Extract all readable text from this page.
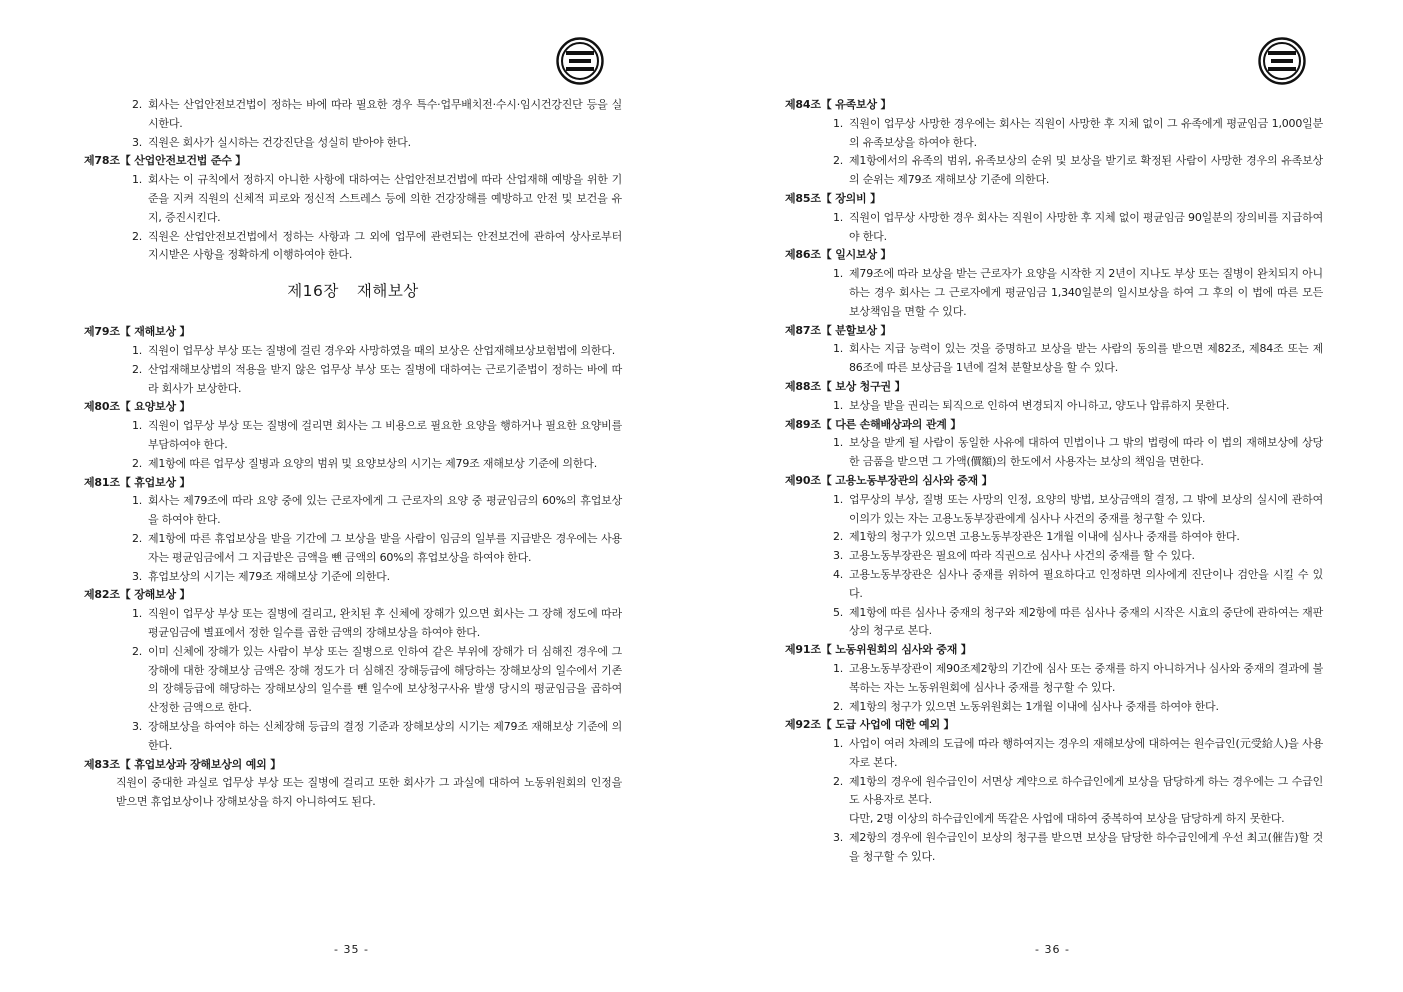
2. 회사는 산업안전보건법이 정하는 바에 따라 필요한 경우 특수·업무배치전·수시·임시건강진단 등을 실시한다.
3. 직원은 회사가 실시하는 건강진단을 성실히 받아야 한다.
제78조【 산업안전보건법 준수 】
1. 회사는 이 규칙에서 정하지 아니한 사항에 대하여는 산업안전보건법에 따라 산업재해 예방을 위한 기준을 지켜 직원의 신체적 피로와 정신적 스트레스 등에 의한 건강장해를 예방하고 안전 및 보건을 유지, 증진시킨다.
2. 직원은 산업안전보건법에서 정하는 사항과 그 외에 업무에 관련되는 안전보건에 관하여 상사로부터 지시받은 사항을 정확하게 이행하여야 한다.
제16장 재해보상
제79조【 재해보상 】
1. 직원이 업무상 부상 또는 질병에 걸린 경우와 사망하였을 때의 보상은 산업재해보상보험법에 의한다.
2. 산업재해보상법의 적용을 받지 않은 업무상 부상 또는 질병에 대하여는 근로기준법이 정하는 바에 따라 회사가 보상한다.
제80조【 요양보상 】
1. 직원이 업무상 부상 또는 질병에 걸리면 회사는 그 비용으로 필요한 요양을 행하거나 필요한 요양비를 부담하여야 한다.
2. 제1항에 따른 업무상 질병과 요양의 범위 및 요양보상의 시기는 제79조 재해보상 기준에 의한다.
제81조【 휴업보상 】
1. 회사는 제79조에 따라 요양 중에 있는 근로자에게 그 근로자의 요양 중 평균임금의 60%의 휴업보상을 하여야 한다.
2. 제1항에 따른 휴업보상을 받을 기간에 그 보상을 받을 사람이 임금의 일부를 지급받은 경우에는 사용자는 평균임금에서 그 지급받은 금액을 뺀 금액의 60%의 휴업보상을 하여야 한다.
3. 휴업보상의 시기는 제79조 재해보상 기준에 의한다.
제82조【 장해보상 】
1. 직원이 업무상 부상 또는 질병에 걸리고, 완치된 후 신체에 장해가 있으면 회사는 그 장해 정도에 따라 평균임금에 별표에서 정한 일수를 곱한 금액의 장해보상을 하여야 한다.
2. 이미 신체에 장해가 있는 사람이 부상 또는 질병으로 인하여 같은 부위에 장해가 더 심해진 경우에 그 장해에 대한 장해보상 금액은 장해 정도가 더 심해진 장해등급에 해당하는 장해보상의 일수에서 기존의 장해등급에 해당하는 장해보상의 일수를 뺀 일수에 보상청구사유 발생 당시의 평균임금을 곱하여 산정한 금액으로 한다.
3. 장해보상을 하여야 하는 신체장해 등급의 결정 기준과 장해보상의 시기는 제79조 재해보상 기준에 의한다.
제83조【 휴업보상과 장해보상의 예외 】
직원이 중대한 과실로 업무상 부상 또는 질병에 걸리고 또한 회사가 그 과실에 대하여 노동위원회의 인정을 받으면 휴업보상이나 장해보상을 하지 아니하여도 된다.
- 35 -
제84조【 유족보상 】
1. 직원이 업무상 사망한 경우에는 회사는 직원이 사망한 후 지체 없이 그 유족에게 평균임금 1,000일분의 유족보상을 하여야 한다.
2. 제1항에서의 유족의 범위, 유족보상의 순위 및 보상을 받기로 확정된 사람이 사망한 경우의 유족보상의 순위는 제79조 재해보상 기준에 의한다.
제85조【 장의비 】
1. 직원이 업무상 사망한 경우 회사는 직원이 사망한 후 지체 없이 평균임금 90일분의 장의비를 지급하여야 한다.
제86조【 일시보상 】
1. 제79조에 따라 보상을 받는 근로자가 요양을 시작한 지 2년이 지나도 부상 또는 질병이 완치되지 아니하는 경우 회사는 그 근로자에게 평균임금 1,340일분의 일시보상을 하여 그 후의 이 법에 따른 모든 보상책임을 면할 수 있다.
제87조【 분할보상 】
1. 회사는 지급 능력이 있는 것을 증명하고 보상을 받는 사람의 동의를 받으면 제82조, 제84조 또는 제86조에 따른 보상금을 1년에 걸쳐 분할보상을 할 수 있다.
제88조【 보상 청구권 】
1. 보상을 받을 권리는 퇴직으로 인하여 변경되지 아니하고, 양도나 압류하지 못한다.
제89조【 다른 손해배상과의 관계 】
1. 보상을 받게 될 사람이 동일한 사유에 대하여 민법이나 그 밖의 법령에 따라 이 법의 재해보상에 상당한 금품을 받으면 그 가액(價額)의 한도에서 사용자는 보상의 책임을 면한다.
제90조【 고용노동부장관의 심사와 중재 】
1. 업무상의 부상, 질병 또는 사망의 인정, 요양의 방법, 보상금액의 결정, 그 밖에 보상의 실시에 관하여 이의가 있는 자는 고용노동부장관에게 심사나 사건의 중재를 청구할 수 있다.
2. 제1항의 청구가 있으면 고용노동부장관은 1개월 이내에 심사나 중재를 하여야 한다.
3. 고용노동부장관은 필요에 따라 직권으로 심사나 사건의 중재를 할 수 있다.
4. 고용노동부장관은 심사나 중재를 위하여 필요하다고 인정하면 의사에게 진단이나 검안을 시킬 수 있다.
5. 제1항에 따른 심사나 중재의 청구와 제2항에 따른 심사나 중재의 시작은 시효의 중단에 관하여는 재판상의 청구로 본다.
제91조【 노동위원회의 심사와 중재 】
1. 고용노동부장관이 제90조제2항의 기간에 심사 또는 중재를 하지 아니하거나 심사와 중재의 결과에 불복하는 자는 노동위원회에 심사나 중재를 청구할 수 있다.
2. 제1항의 청구가 있으면 노동위원회는 1개월 이내에 심사나 중재를 하여야 한다.
제92조【 도급 사업에 대한 예외 】
1. 사업이 여러 차례의 도급에 따라 행하여지는 경우의 재해보상에 대하여는 원수급인(元受給人)을 사용자로 본다.
2. 제1항의 경우에 원수급인이 서면상 계약으로 하수급인에게 보상을 담당하게 하는 경우에는 그 수급인도 사용자로 본다.
다만, 2명 이상의 하수급인에게 똑같은 사업에 대하여 중복하여 보상을 담당하게 하지 못한다.
3. 제2항의 경우에 원수급인이 보상의 청구를 받으면 보상을 담당한 하수급인에게 우선 최고(催告)할 것을 청구할 수 있다.
- 36 -
